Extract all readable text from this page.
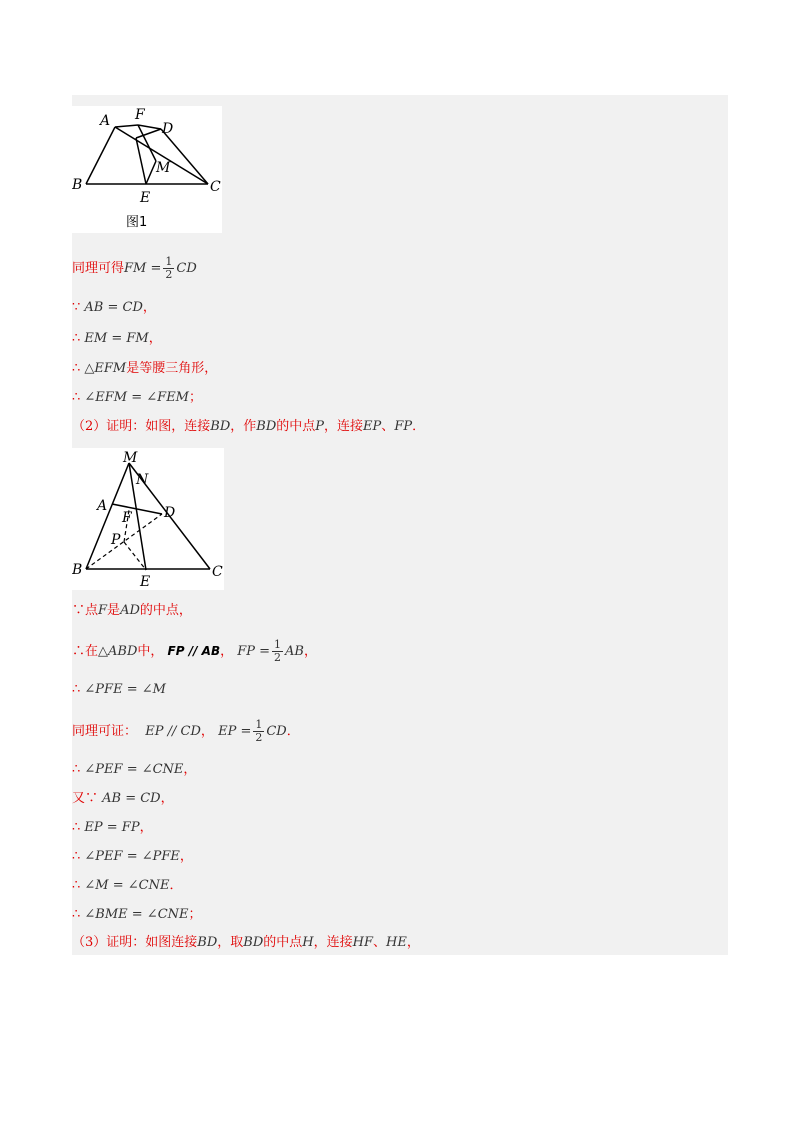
A F
D
M
B
E
C
图1
同理可得FM = $\frac{1}{2}$ CD
∵ AB = CD，
∴ EM = FM，
∴ △EFM是等腰三角形，
∴ ∠EFM = ∠FEM；
（2）证明：如图，连接BD，作BD的中点P，连接EP、FP．
M
N
A
F D
P
B
E
C
∵点F是AD的中点，
∴在△ABD中， FP // AB， FP = $\frac{1}{2}$ AB，
∴ ∠PFE = ∠M
同理可证： EP // CD， EP = $\frac{1}{2}$ CD．
∴ ∠PEF = ∠CNE，
又∵ AB = CD，
∴ EP = FP，
∴ ∠PEF = ∠PFE，
∴ ∠M = ∠CNE．
∴ ∠BME = ∠CNE；
（3）证明：如图连接BD，取BD的中点H，连接HF、HE，
